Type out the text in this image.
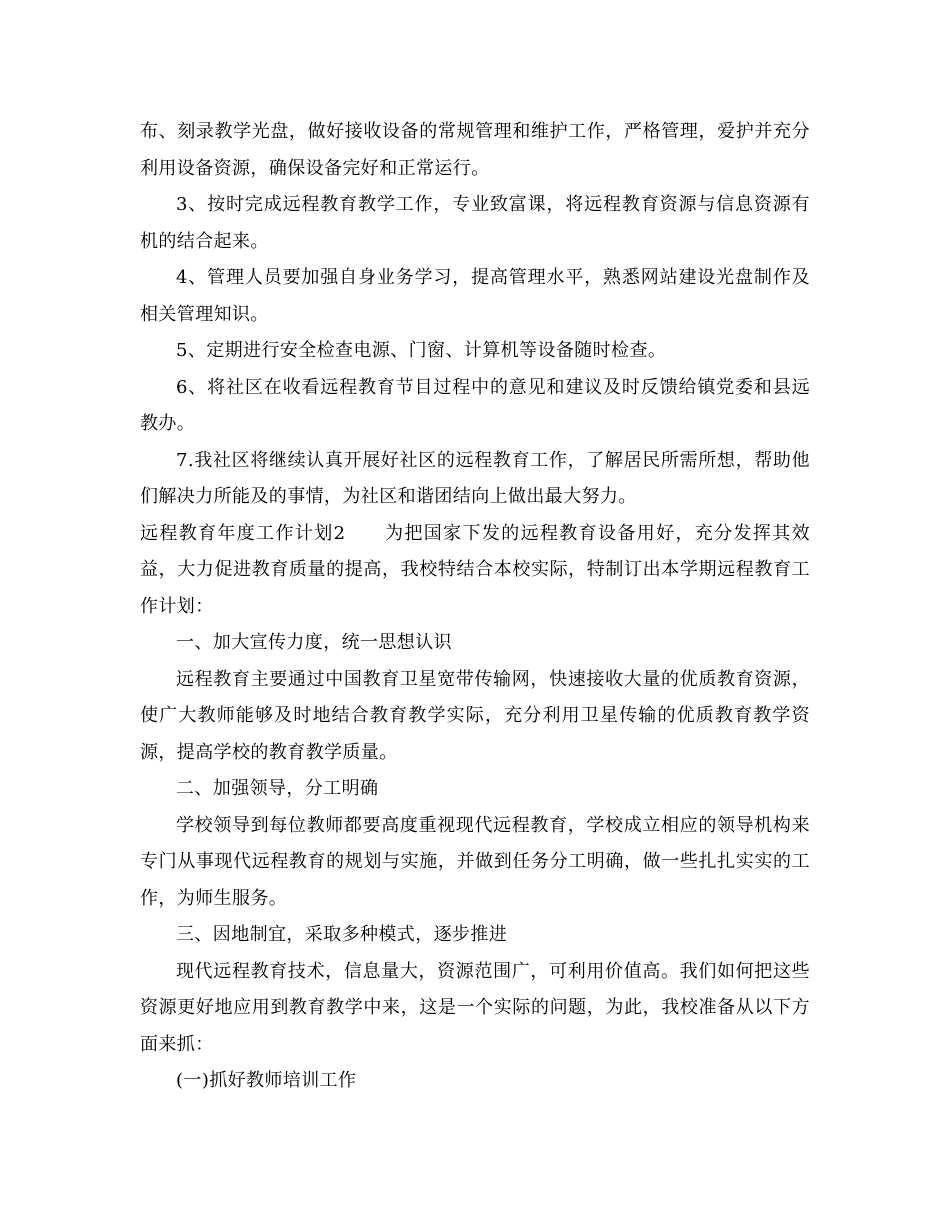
布、刻录教学光盘，做好接收设备的常规管理和维护工作，严格管理，爱护并充分利用设备资源，确保设备完好和正常运行。

3、按时完成远程教育教学工作，专业致富课，将远程教育资源与信息资源有机的结合起来。

4、管理人员要加强自身业务学习，提高管理水平，熟悉网站建设光盘制作及相关管理知识。

5、定期进行安全检查电源、门窗、计算机等设备随时检查。

6、将社区在收看远程教育节目过程中的意见和建议及时反馈给镇党委和县远教办。

7.我社区将继续认真开展好社区的远程教育工作，了解居民所需所想，帮助他们解决力所能及的事情，为社区和谐团结向上做出最大努力。

远程教育年度工作计划2　　为把国家下发的远程教育设备用好，充分发挥其效益，大力促进教育质量的提高，我校特结合本校实际，特制订出本学期远程教育工作计划：

一、加大宣传力度，统一思想认识

远程教育主要通过中国教育卫星宽带传输网，快速接收大量的优质教育资源，使广大教师能够及时地结合教育教学实际，充分利用卫星传输的优质教育教学资源，提高学校的教育教学质量。

二、加强领导，分工明确

学校领导到每位教师都要高度重视现代远程教育，学校成立相应的领导机构来专门从事现代远程教育的规划与实施，并做到任务分工明确，做一些扎扎实实的工作，为师生服务。

三、因地制宜，采取多种模式，逐步推进

现代远程教育技术，信息量大，资源范围广，可利用价值高。我们如何把这些资源更好地应用到教育教学中来，这是一个实际的问题，为此，我校准备从以下方面来抓：

(一)抓好教师培训工作
